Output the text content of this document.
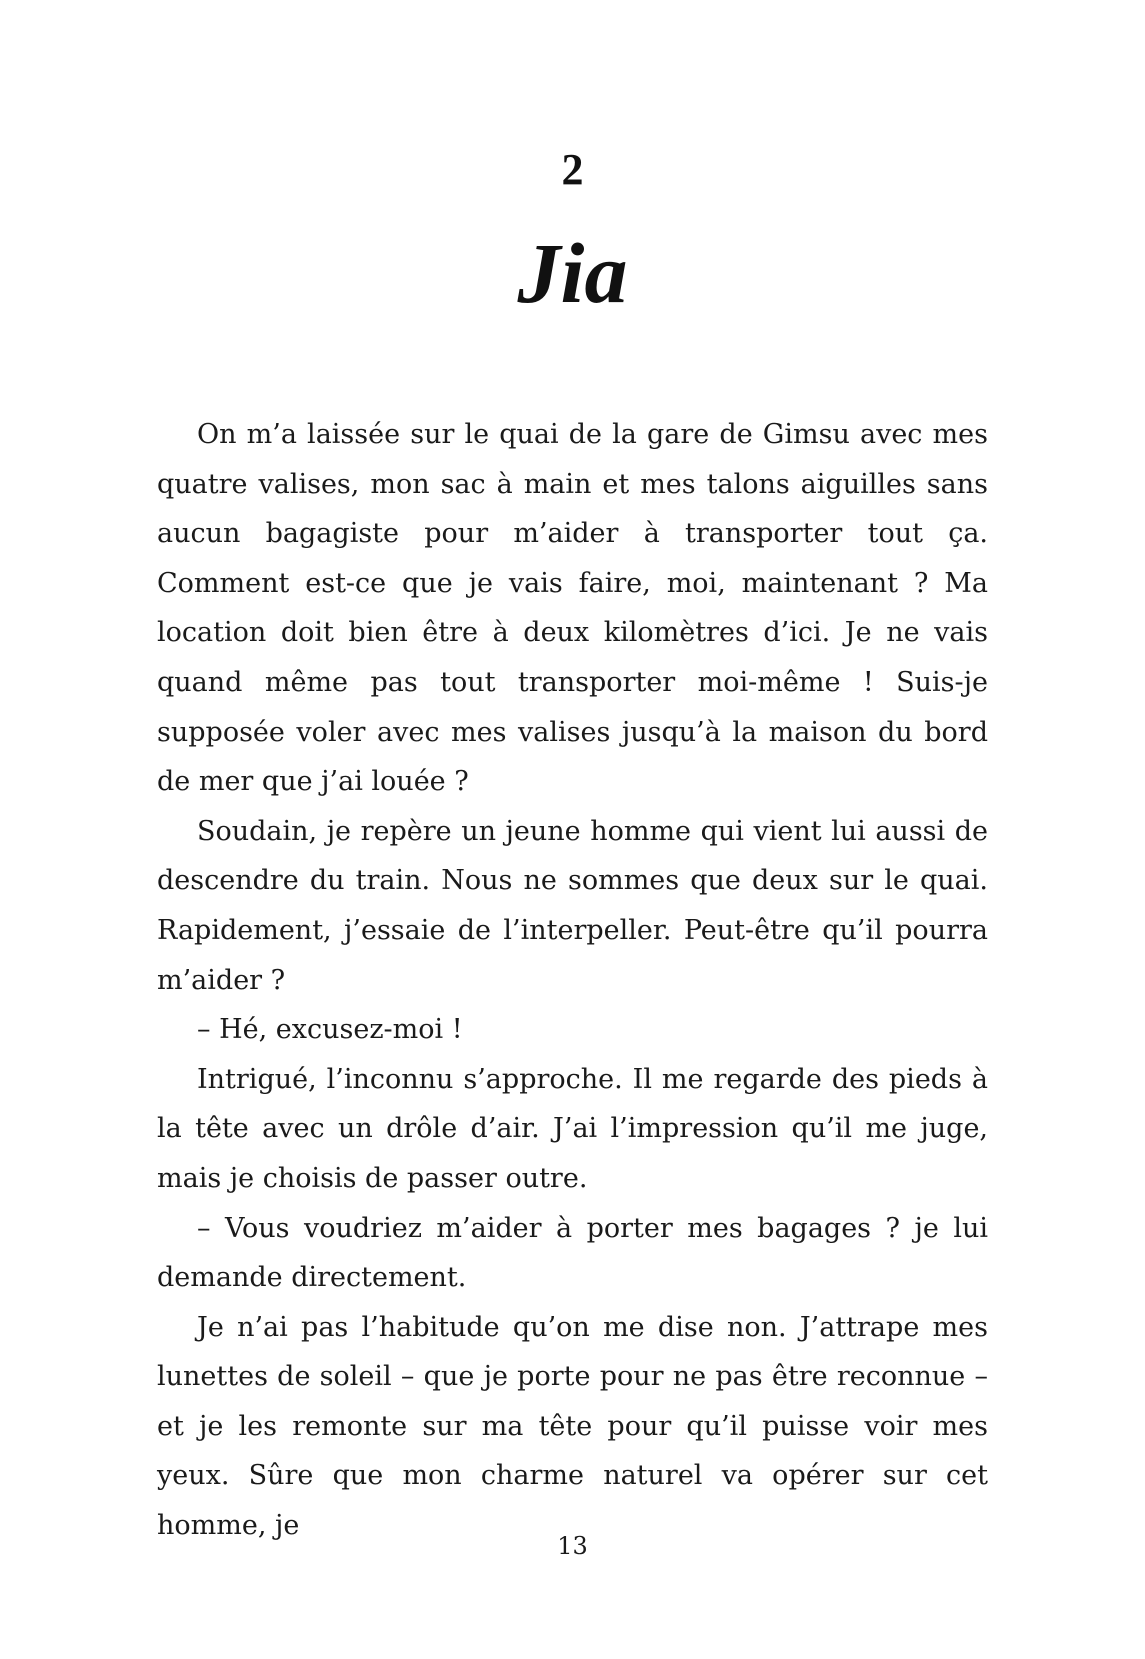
2
Jia

On m’a laissée sur le quai de la gare de Gimsu avec mes quatre valises, mon sac à main et mes talons aiguilles sans aucun bagagiste pour m’aider à transporter tout ça. Comment est-ce que je vais faire, moi, maintenant ? Ma location doit bien être à deux kilomètres d’ici. Je ne vais quand même pas tout transporter moi-même ! Suis-je supposée voler avec mes valises jusqu’à la maison du bord de mer que j’ai louée ?

Soudain, je repère un jeune homme qui vient lui aussi de descendre du train. Nous ne sommes que deux sur le quai. Rapidement, j’essaie de l’interpeller. Peut-être qu’il pourra m’aider ?

– Hé, excusez-moi !

Intrigué, l’inconnu s’approche. Il me regarde des pieds à la tête avec un drôle d’air. J’ai l’impression qu’il me juge, mais je choisis de passer outre.

– Vous voudriez m’aider à porter mes bagages ? je lui demande directement.

Je n’ai pas l’habitude qu’on me dise non. J’attrape mes lunettes de soleil – que je porte pour ne pas être reconnue – et je les remonte sur ma tête pour qu’il puisse voir mes yeux. Sûre que mon charme naturel va opérer sur cet homme, je

13
